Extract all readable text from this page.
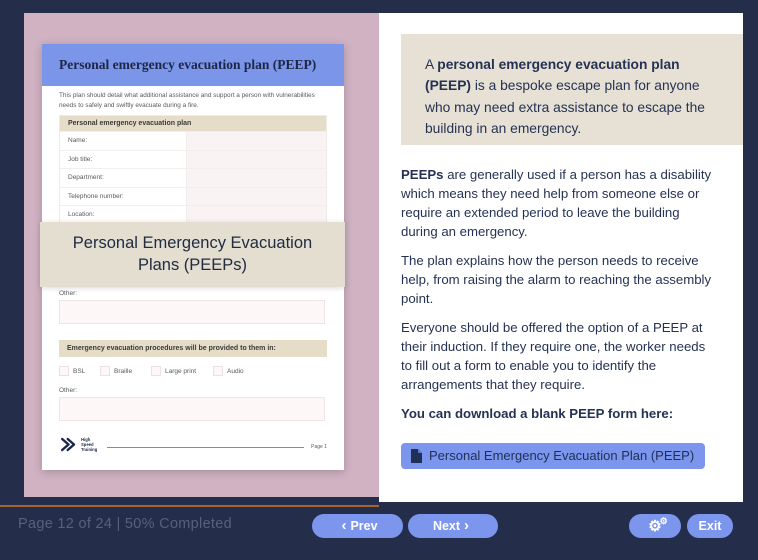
Personal emergency evacuation plan (PEEP)
This plan should detail what additional assistance and support a person with vulnerabilities needs to safely and swiftly evacuate during a fire.
Personal emergency evacuation plan
Name:
Job title:
Department:
Telephone number:
Location:
Other:
Emergency evacuation procedures will be provided to them in:
BSL	Braille	Large print	Audio
Other:
High
Speed
Training	Page 1
Personal Emergency Evacuation Plans (PEEPs)
A personal emergency evacuation plan (PEEP) is a bespoke escape plan for anyone who may need extra assistance to escape the building in an emergency.

PEEPs are generally used if a person has a disability which means they need help from someone else or require an extended period to leave the building during an emergency.

The plan explains how the person needs to receive help, from raising the alarm to reaching the assembly point.

Everyone should be offered the option of a PEEP at their induction. If they require one, the worker needs to fill out a form to enable you to identify the arrangements that they require.

You can download a blank PEEP form here:

Personal Emergency Evacuation Plan (PEEP)
Page 12 of 24 | 50% Completed	‹ Prev	Next ›	⚙
⚙ Exit
